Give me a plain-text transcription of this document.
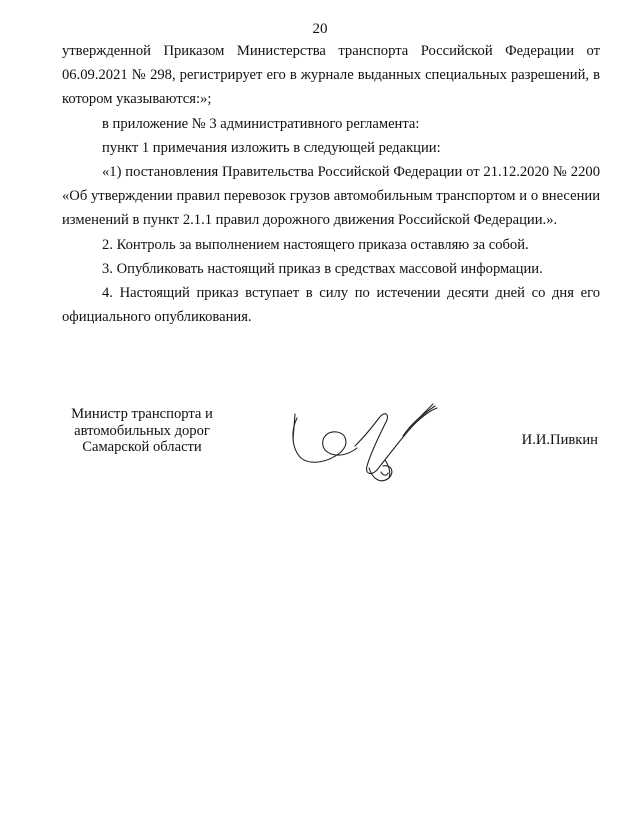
20

утвержденной Приказом Министерства транспорта Российской Федерации от 06.09.2021 № 298, регистрирует его в журнале выданных специальных разрешений, в котором указываются:»;

в приложение № 3 административного регламента:

пункт 1 примечания изложить в следующей редакции:

«1) постановления Правительства Российской Федерации от 21.12.2020 № 2200 «Об утверждении правил перевозок грузов автомобильным транспортом и о внесении изменений в пункт 2.1.1 правил дорожного движения Российской Федерации.».

2. Контроль за выполнением настоящего приказа оставляю за собой.

3. Опубликовать настоящий приказ в средствах массовой информации.

4. Настоящий приказ вступает в силу по истечении десяти дней со дня его официального опубликования.

Министр транспорта и
автомобильных дорог
Самарской области	И.И.Пивкин
